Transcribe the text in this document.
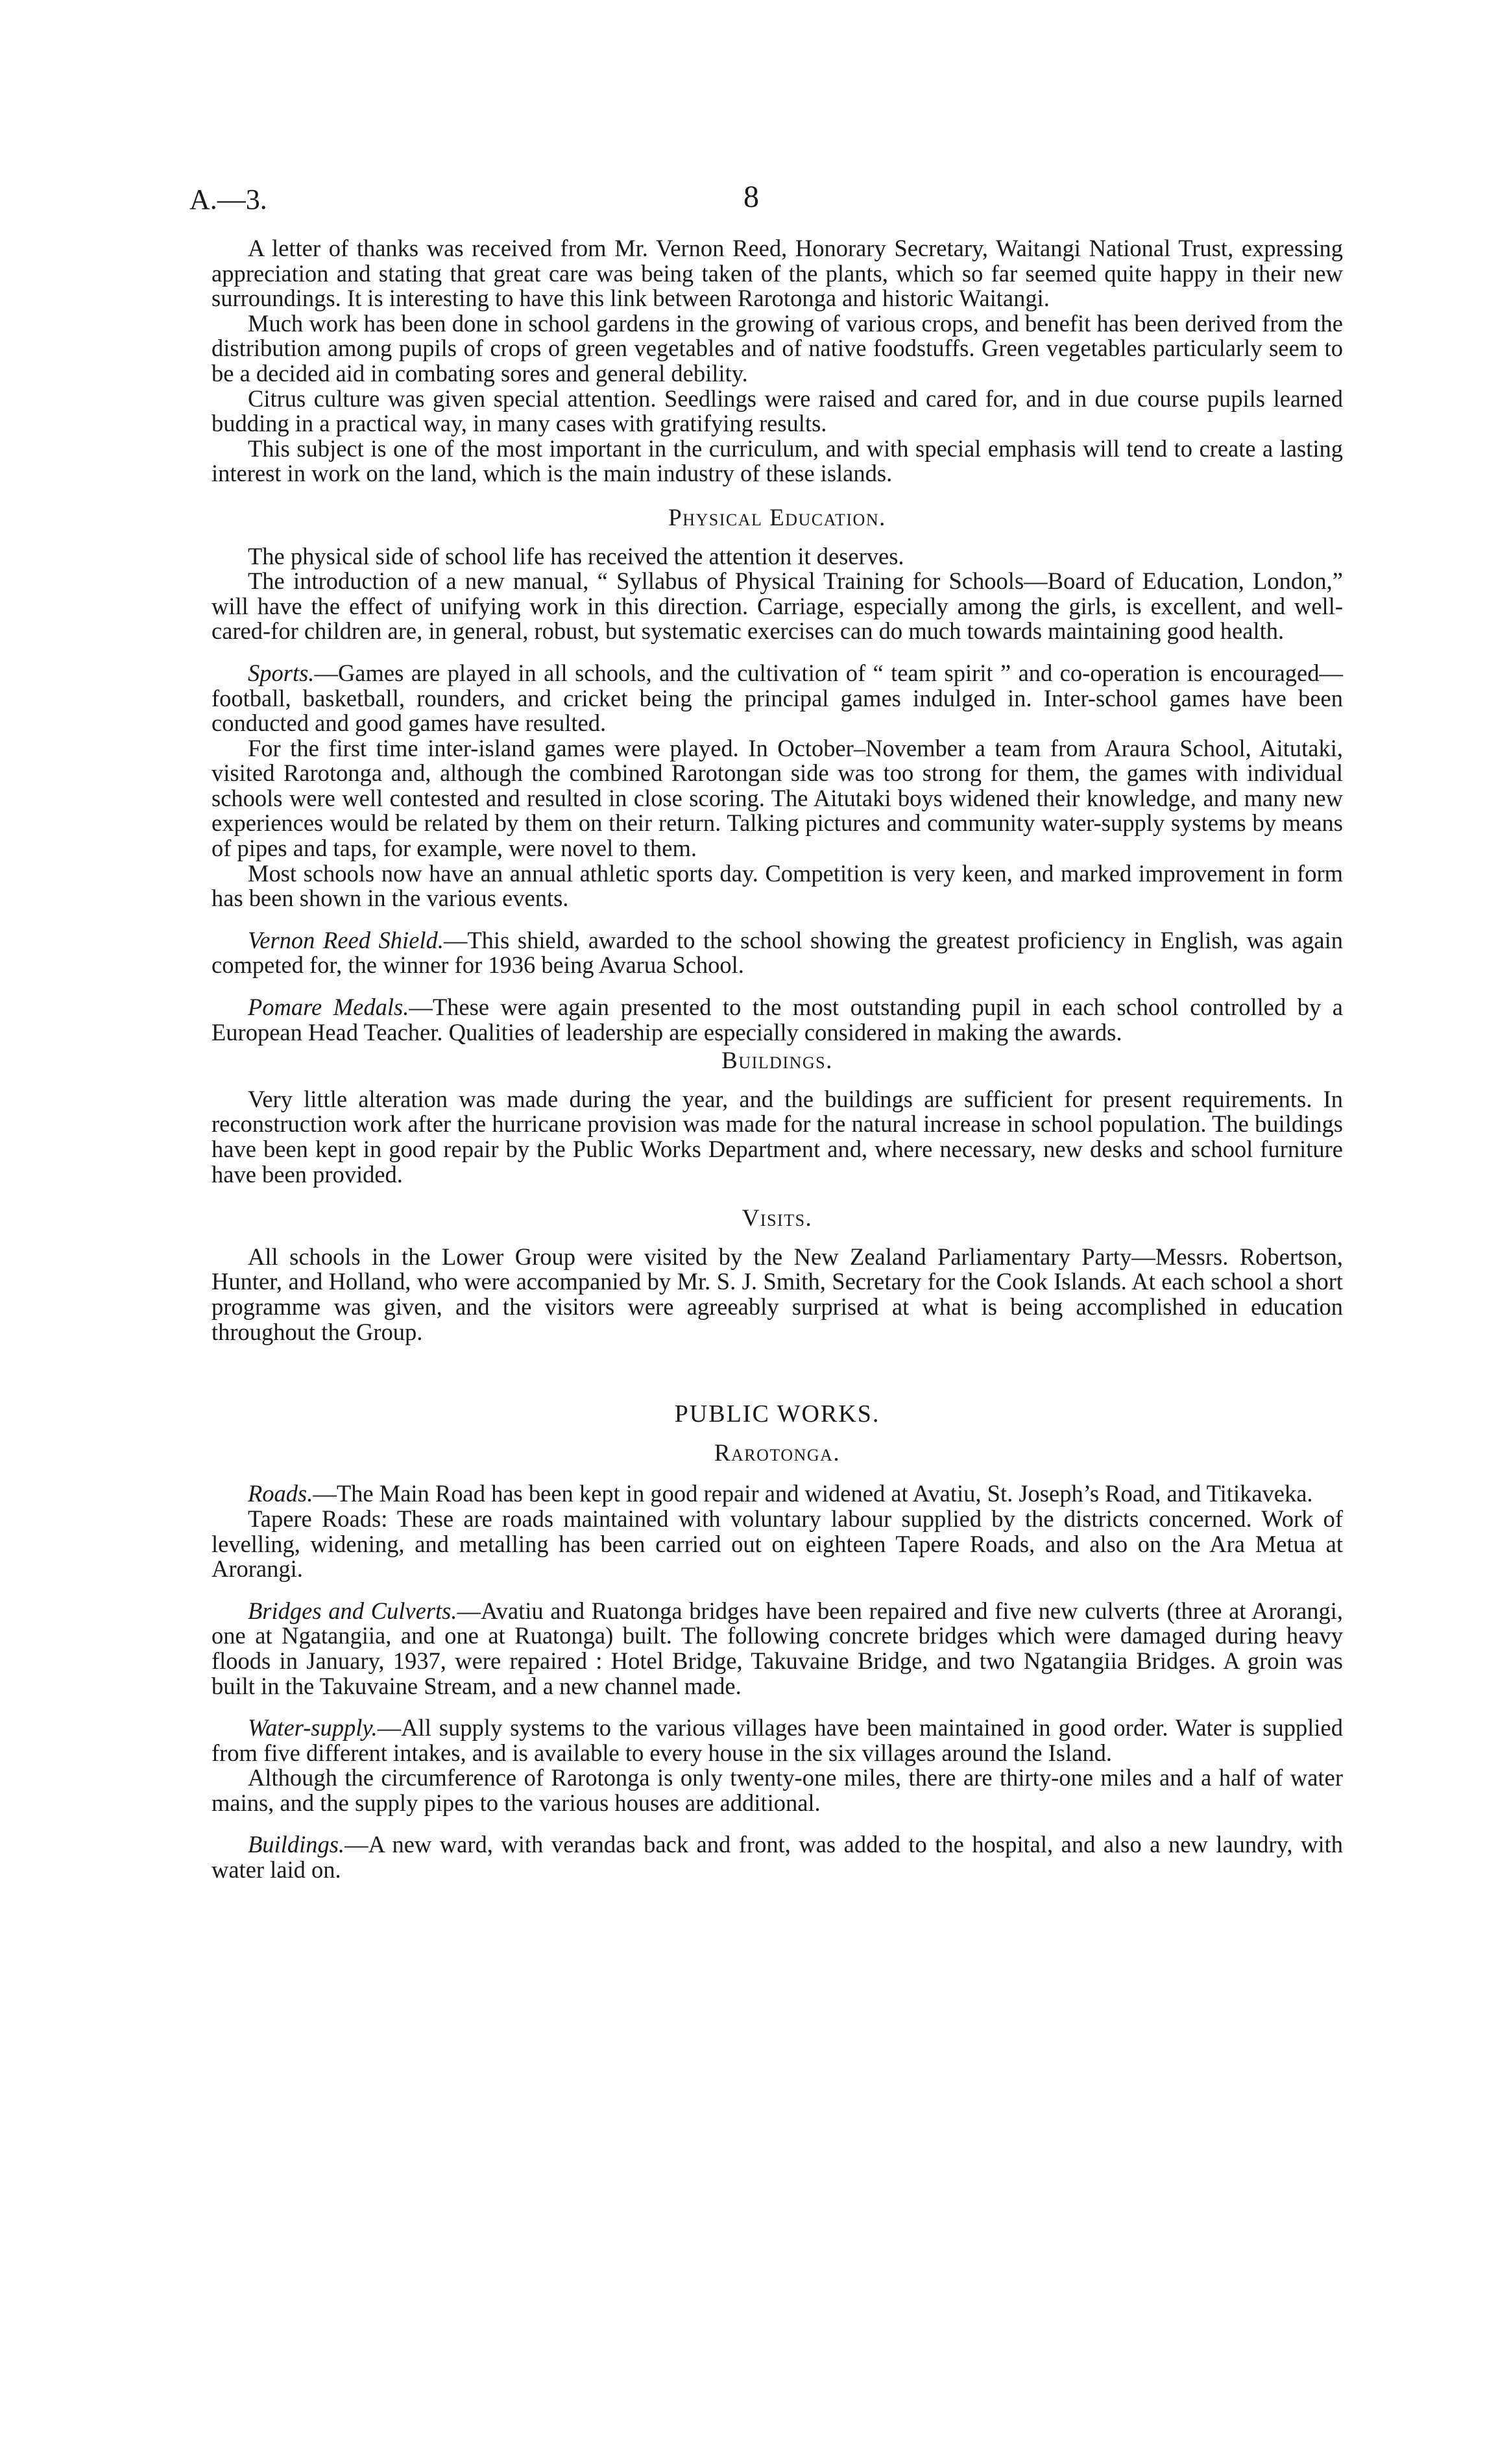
A.—3.	8

A letter of thanks was received from Mr. Vernon Reed, Honorary Secretary, Waitangi National Trust, expressing appreciation and stating that great care was being taken of the plants, which so far seemed quite happy in their new surroundings. It is interesting to have this link between Rarotonga and historic Waitangi.

Much work has been done in school gardens in the growing of various crops, and benefit has been derived from the distribution among pupils of crops of green vegetables and of native foodstuffs. Green vegetables particularly seem to be a decided aid in combating sores and general debility.

Citrus culture was given special attention. Seedlings were raised and cared for, and in due course pupils learned budding in a practical way, in many cases with gratifying results.

This subject is one of the most important in the curriculum, and with special emphasis will tend to create a lasting interest in work on the land, which is the main industry of these islands.

Physical Education.

The physical side of school life has received the attention it deserves.

The introduction of a new manual, “ Syllabus of Physical Training for Schools—Board of Education, London,” will have the effect of unifying work in this direction. Carriage, especially among the girls, is excellent, and well-cared-for children are, in general, robust, but systematic exercises can do much towards maintaining good health.

Sports.—Games are played in all schools, and the cultivation of “ team spirit ” and co-operation is encouraged—football, basketball, rounders, and cricket being the principal games indulged in. Inter-school games have been conducted and good games have resulted.

For the first time inter-island games were played. In October–November a team from Araura School, Aitutaki, visited Rarotonga and, although the combined Rarotongan side was too strong for them, the games with individual schools were well contested and resulted in close scoring. The Aitutaki boys widened their knowledge, and many new experiences would be related by them on their return. Talking pictures and community water-supply systems by means of pipes and taps, for example, were novel to them.

Most schools now have an annual athletic sports day. Competition is very keen, and marked improvement in form has been shown in the various events.

Vernon Reed Shield.—This shield, awarded to the school showing the greatest proficiency in English, was again competed for, the winner for 1936 being Avarua School.

Pomare Medals.—These were again presented to the most outstanding pupil in each school controlled by a European Head Teacher. Qualities of leadership are especially considered in making the awards.

Buildings.

Very little alteration was made during the year, and the buildings are sufficient for present requirements. In reconstruction work after the hurricane provision was made for the natural increase in school population. The buildings have been kept in good repair by the Public Works Department and, where necessary, new desks and school furniture have been provided.

Visits.

All schools in the Lower Group were visited by the New Zealand Parliamentary Party—Messrs. Robertson, Hunter, and Holland, who were accompanied by Mr. S. J. Smith, Secretary for the Cook Islands. At each school a short programme was given, and the visitors were agreeably surprised at what is being accomplished in education throughout the Group.

PUBLIC WORKS.
Rarotonga.

Roads.—The Main Road has been kept in good repair and widened at Avatiu, St. Joseph’s Road, and Titikaveka.

Tapere Roads: These are roads maintained with voluntary labour supplied by the districts concerned. Work of levelling, widening, and metalling has been carried out on eighteen Tapere Roads, and also on the Ara Metua at Arorangi.

Bridges and Culverts.—Avatiu and Ruatonga bridges have been repaired and five new culverts (three at Arorangi, one at Ngatangiia, and one at Ruatonga) built. The following concrete bridges which were damaged during heavy floods in January, 1937, were repaired : Hotel Bridge, Takuvaine Bridge, and two Ngatangiia Bridges. A groin was built in the Takuvaine Stream, and a new channel made.

Water-supply.—All supply systems to the various villages have been maintained in good order. Water is supplied from five different intakes, and is available to every house in the six villages around the Island.

Although the circumference of Rarotonga is only twenty-one miles, there are thirty-one miles and a half of water mains, and the supply pipes to the various houses are additional.

Buildings.—A new ward, with verandas back and front, was added to the hospital, and also a new laundry, with water laid on.
